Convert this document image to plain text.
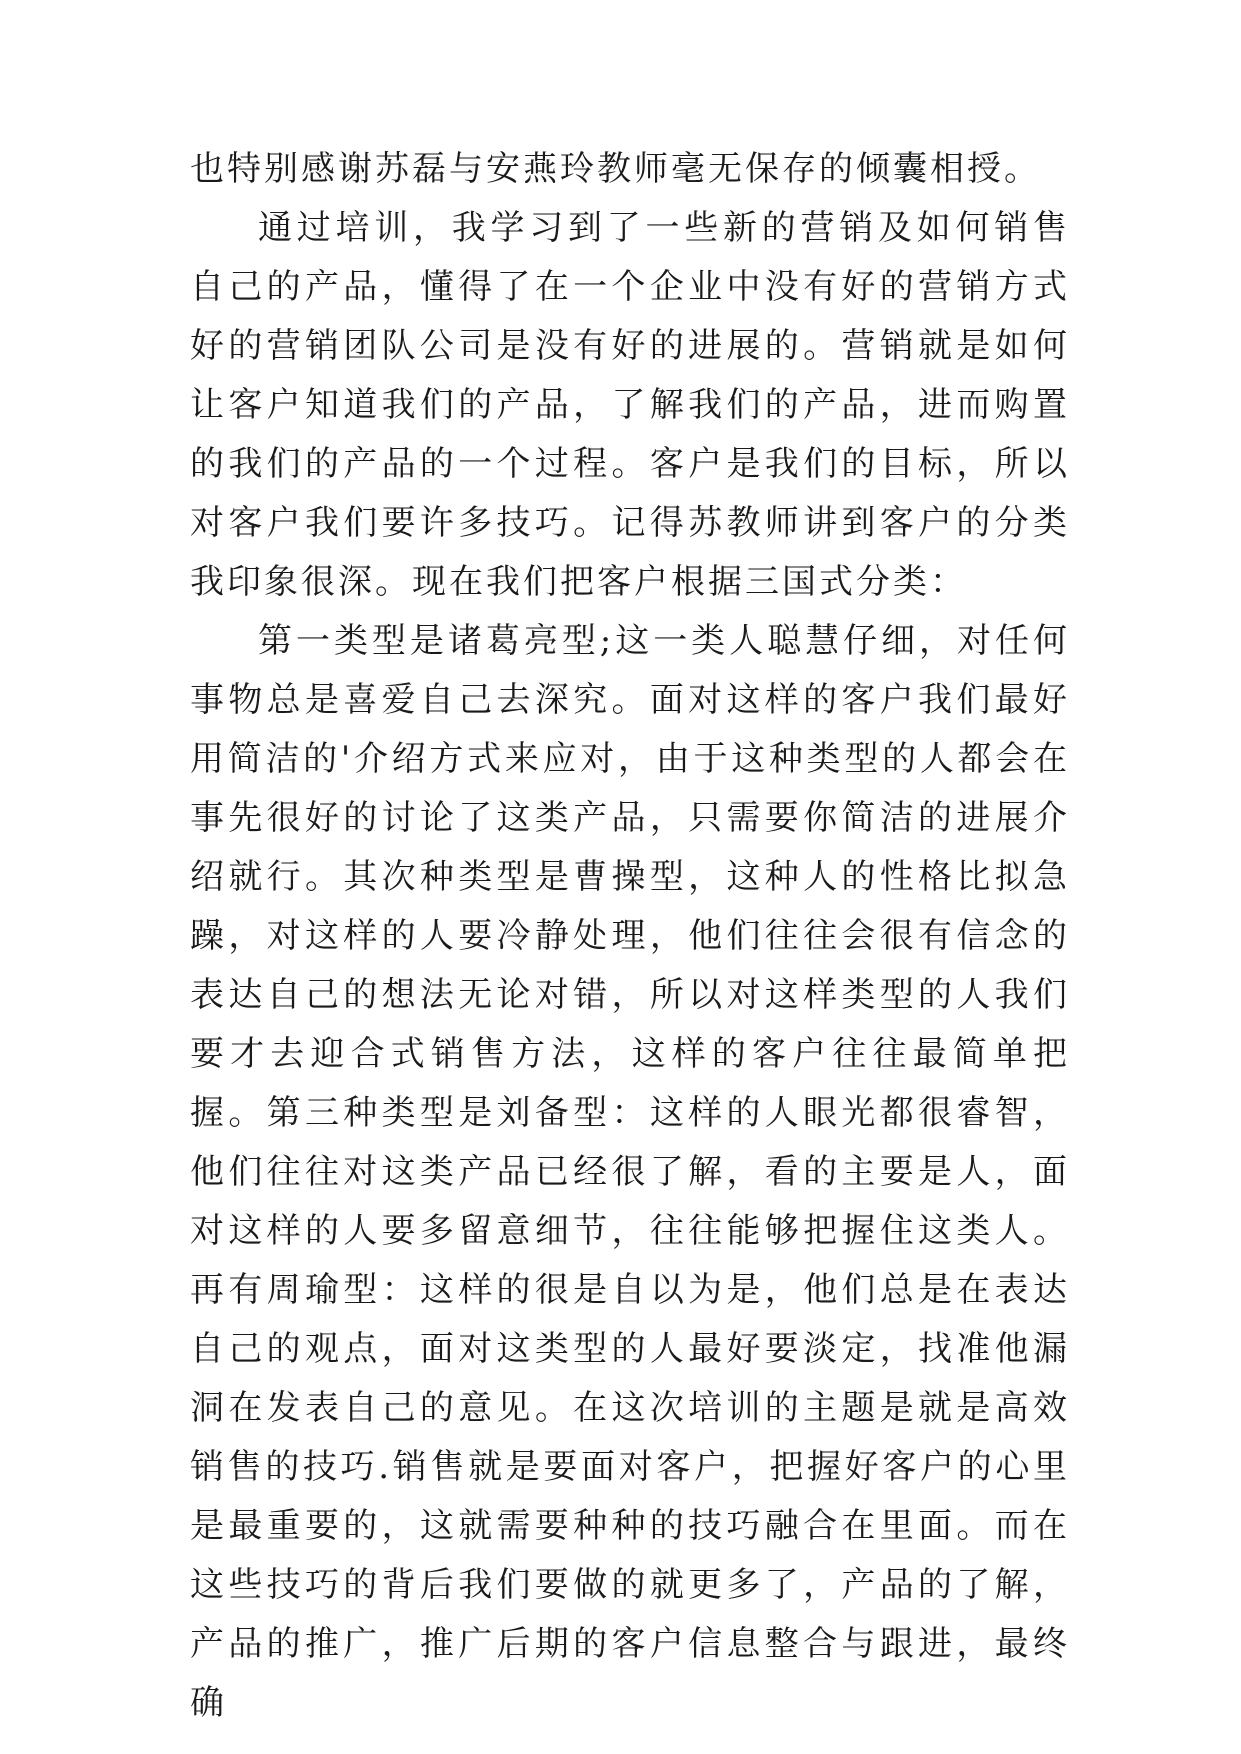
也特别感谢苏磊与安燕玲教师毫无保存的倾囊相授。

通过培训，我学习到了一些新的营销及如何销售自己的产品，懂得了在一个企业中没有好的营销方式好的营销团队公司是没有好的进展的。营销就是如何让客户知道我们的产品，了解我们的产品，进而购置的我们的产品的一个过程。客户是我们的目标，所以对客户我们要许多技巧。记得苏教师讲到客户的分类我印象很深。现在我们把客户根据三国式分类：

第一类型是诸葛亮型;这一类人聪慧仔细，对任何事物总是喜爱自己去深究。面对这样的客户我们最好用简洁的'介绍方式来应对，由于这种类型的人都会在事先很好的讨论了这类产品，只需要你简洁的进展介绍就行。其次种类型是曹操型，这种人的性格比拟急躁，对这样的人要冷静处理，他们往往会很有信念的表达自己的想法无论对错，所以对这样类型的人我们要才去迎合式销售方法，这样的客户往往最简单把握。第三种类型是刘备型：这样的人眼光都很睿智，他们往往对这类产品已经很了解，看的主要是人，面对这样的人要多留意细节，往往能够把握住这类人。再有周瑜型：这样的很是自以为是，他们总是在表达自己的观点，面对这类型的人最好要淡定，找准他漏洞在发表自己的意见。在这次培训的主题是就是高效销售的技巧.销售就是要面对客户，把握好客户的心里是最重要的，这就需要种种的技巧融合在里面。而在这些技巧的背后我们要做的就更多了，产品的了解，产品的推广，推广后期的客户信息整合与跟进，最终确
